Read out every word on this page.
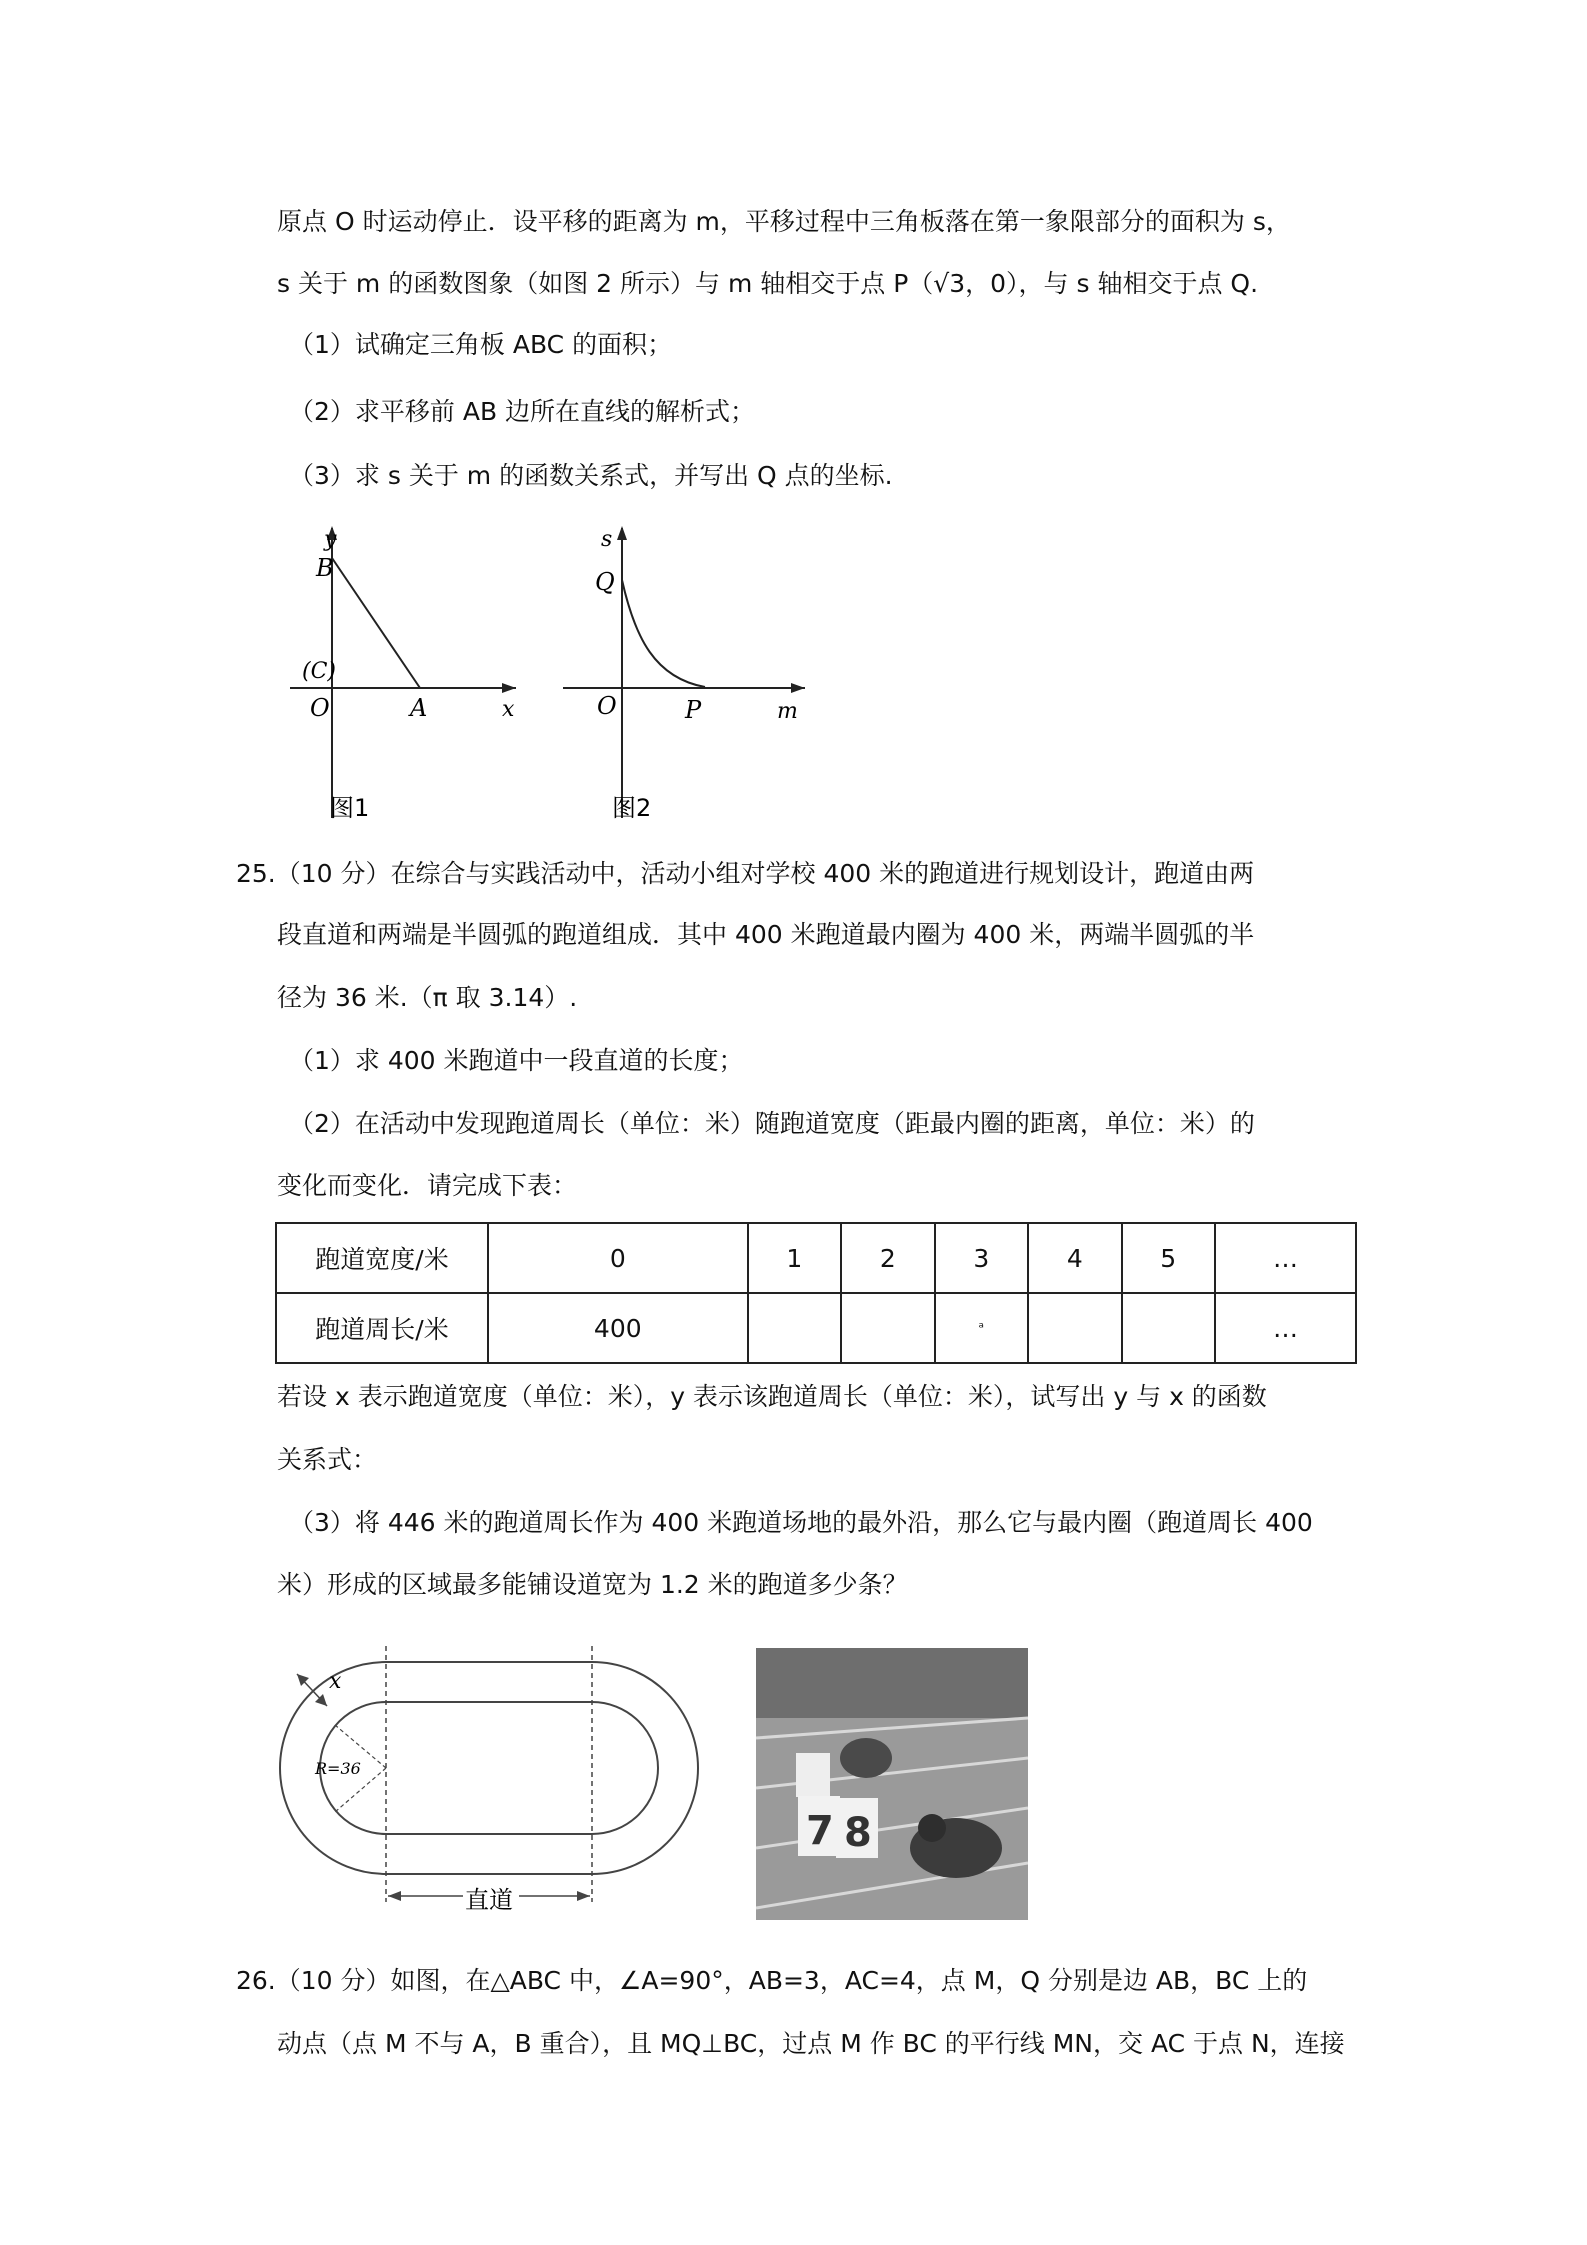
原点 O 时运动停止．设平移的距离为 m，平移过程中三角板落在第一象限部分的面积为 s，
s 关于 m 的函数图象（如图 2 所示）与 m 轴相交于点 P（√3，0），与 s 轴相交于点 Q.
（1）试确定三角板 ABC 的面积；
（2）求平移前 AB 边所在直线的解析式；
（3）求 s 关于 m 的函数关系式，并写出 Q 点的坐标.
y
B
(C)
O	A	x
图1
s
Q
O	P	m
图2
25.（10 分）在综合与实践活动中，活动小组对学校 400 米的跑道进行规划设计，跑道由两
段直道和两端是半圆弧的跑道组成．其中 400 米跑道最内圈为 400 米，两端半圆弧的半
径为 36 米.（π 取 3.14）.
（1）求 400 米跑道中一段直道的长度；
（2）在活动中发现跑道周长（单位：米）随跑道宽度（距最内圈的距离，单位：米）的
变化而变化．请完成下表：
跑道宽度/米	0	1	2	3	4	5	…
跑道周长/米	400			ᵃ			…
若设 x 表示跑道宽度（单位：米），y 表示该跑道周长（单位：米），试写出 y 与 x 的函数
关系式：
（3）将 446 米的跑道周长作为 400 米跑道场地的最外沿，那么它与最内圈（跑道周长 400
米）形成的区域最多能铺设道宽为 1.2 米的跑道多少条？
x
R=36
直道
7 8
26.（10 分）如图，在△ABC 中，∠A=90°，AB=3，AC=4，点 M，Q 分别是边 AB，BC 上的
动点（点 M 不与 A，B 重合），且 MQ⊥BC，过点 M 作 BC 的平行线 MN，交 AC 于点 N，连接
